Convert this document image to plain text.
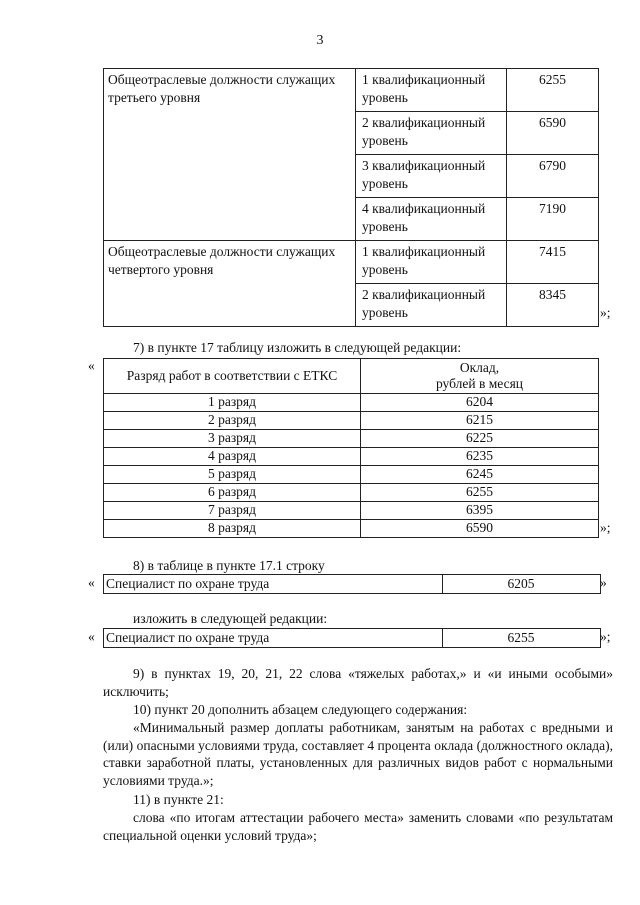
3
Общеотраслевые должности служащих третьего уровня	1 квалификационный уровень	6255
	2 квалификационный уровень	6590
	3 квалификационный уровень	6790
	4 квалификационный уровень	7190
Общеотраслевые должности служащих четвертого уровня	1 квалификационный уровень	7415
	2 квалификационный уровень	8345
»;
7) в пункте 17 таблицу изложить в следующей редакции:
«
Разряд работ в соответствии с ЕТКС	Оклад,
рублей в месяц

1 разряд	6204
2 разряд	6215
3 разряд	6225
4 разряд	6235
5 разряд	6245
6 разряд	6255
7 разряд	6395
8 разряд	6590	»;
8) в таблице в пункте 17.1 строку
« Специалист по охране труда	6205	»
изложить в следующей редакции:
« Специалист по охране труда	6255	»;
9) в пунктах 19, 20, 21, 22 слова «тяжелых работах,» и «и иными особыми» исключить;
10) пункт 20 дополнить абзацем следующего содержания:
«Минимальный размер доплаты работникам, занятым на работах с вредными и (или) опасными условиями труда, составляет 4 процента оклада (должностного оклада), ставки заработной платы, установленных для различных видов работ с нормальными условиями труда.»;
11) в пункте 21:
слова «по итогам аттестации рабочего места» заменить словами «по результатам специальной оценки условий труда»;
